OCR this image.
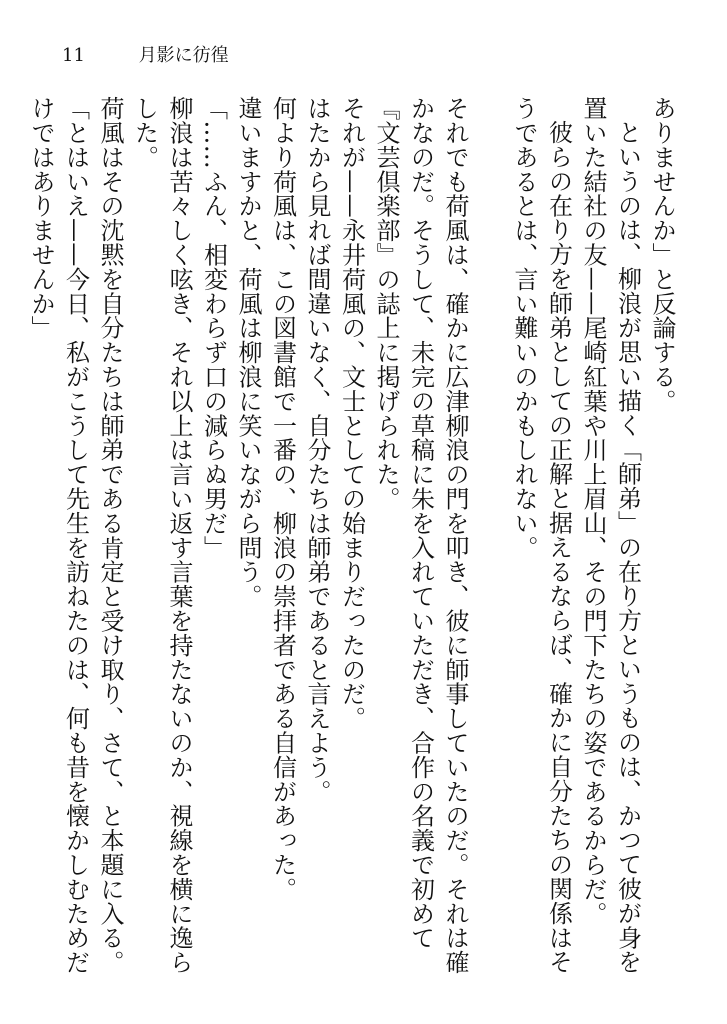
11	月影に彷徨

ありませんか」と反論する。

というのは、柳浪が思い描く「師弟」の在り方というものは、かつて彼が身を置いた結社の友——尾崎紅葉や川上眉山、その門下たちの姿であるからだ。

彼らの在り方を師弟としての正解と据えるならば、確かに自分たちの関係はそうであるとは、言い難いのかもしれない。

それでも荷風は、確かに広津柳浪の門を叩き、彼に師事していたのだ。それは確かなのだ。そうして、未完の草稿に朱を入れていただき、合作の名義で初めて『文芸倶楽部』の誌上に掲げられた。

それが——永井荷風の、文士としての始まりだったのだ。

はたから見れば間違いなく、自分たちは師弟であると言えよう。

何より荷風は、この図書館で一番の、柳浪の崇拝者である自信があった。

違いますかと、荷風は柳浪に笑いながら問う。

「……ふん、相変わらず口の減らぬ男だ」

柳浪は苦々しく呟き、それ以上は言い返す言葉を持たないのか、視線を横に逸らした。

荷風はその沈黙を自分たちは師弟である肯定と受け取り、さて、と本題に入る。

「とはいえ——今日、私がこうして先生を訪ねたのは、何も昔を懐かしむためだけではありませんか」
